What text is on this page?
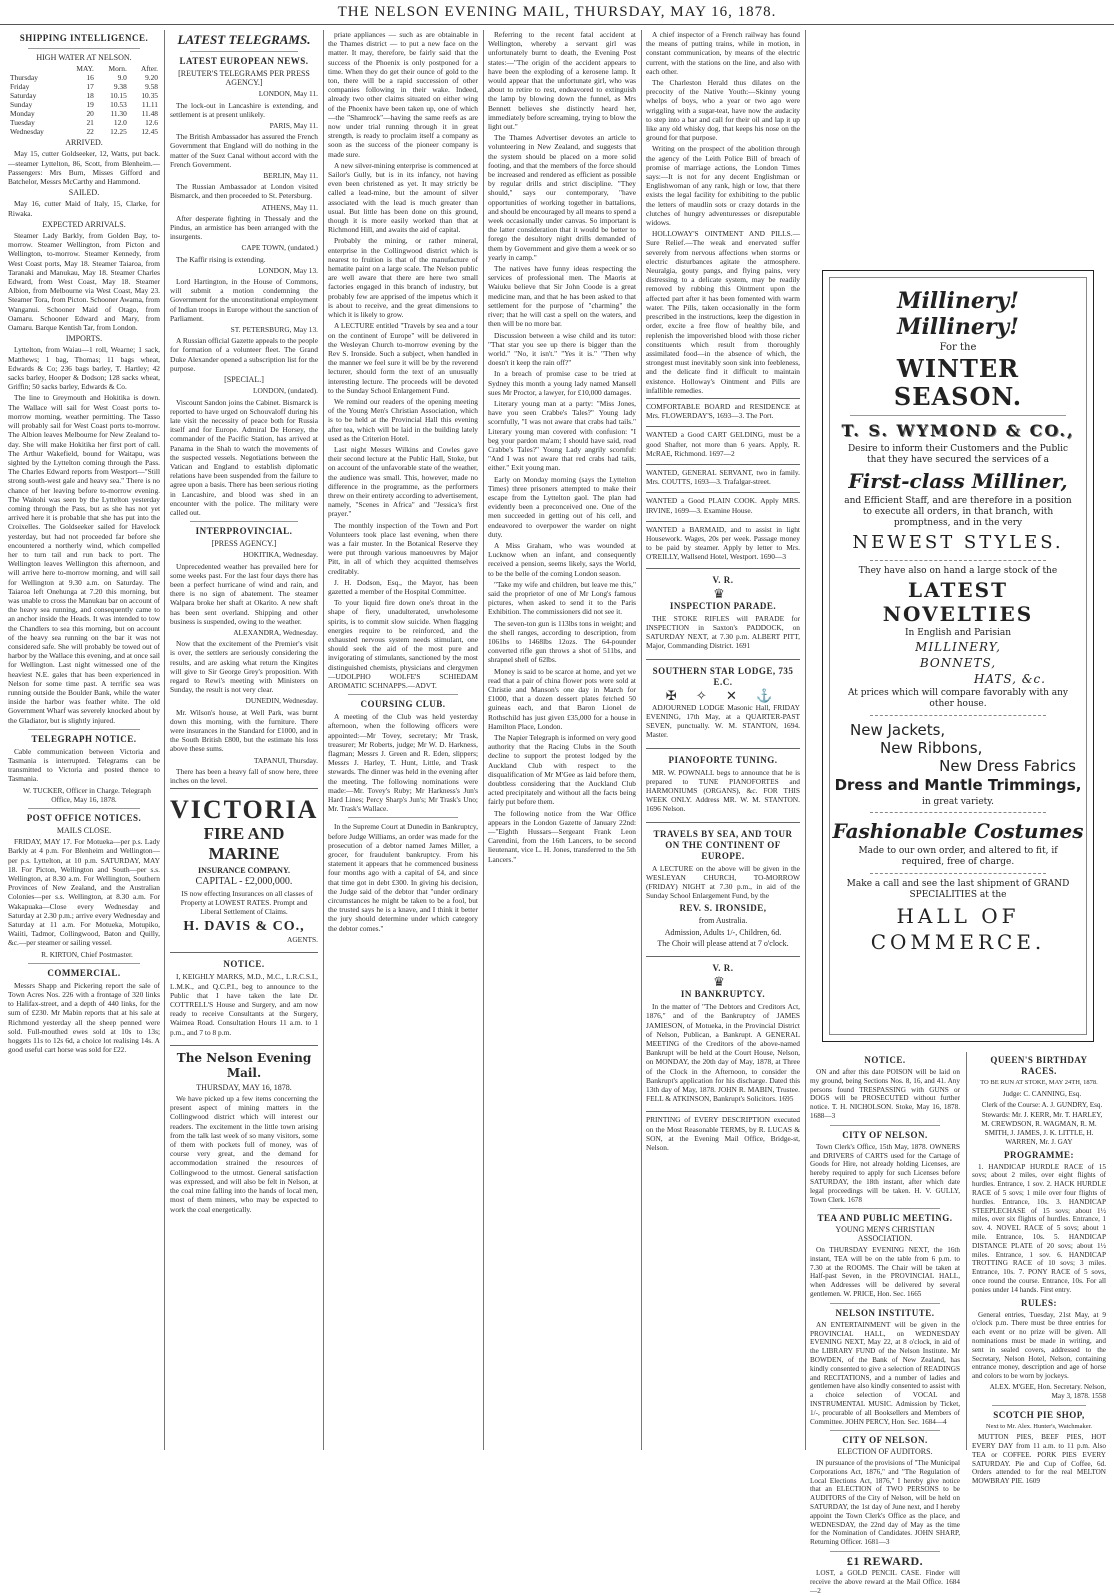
THE NELSON EVENING MAIL, THURSDAY, MAY 16, 1878.
SHIPPING INTELLIGENCE.
HIGH WATER AT NELSON.
	MAY.	Morn.	After.
Thursday	16	9.0	9.20
Friday	17	9.38	9.58
Saturday	18	10.15	10.35
Sunday	19	10.53	11.11
Monday	20	11.30	11.48
Tuesday	21	12.0	12.6
Wednesday	22	12.25	12.45
ARRIVED.
May 15, cutter Goldseeker, 12, Watts, put back. —steamer Lyttelton, 86, Scott, from Blenheim.—Passengers: Mrs Burn, Misses Gifford and Batchelor, Messrs McCarthy and Hammond.
SAILED.
May 16, cutter Maid of Italy, 15, Clarke, for Riwaka.
EXPECTED ARRIVALS.
Steamer Lady Barkly, from Golden Bay, to-morrow. Steamer Wellington, from Picton and Wellington, to-morrow. Steamer Kennedy, from West Coast ports, May 18. Steamer Taiaroa, from Taranaki and Manukau, May 18. Steamer Charles Edward, from West Coast, May 18. Steamer Albion, from Melbourne via West Coast, May 23. Steamer Tora, from Picton. Schooner Awama, from Wanganui. Schooner Maid of Otago, from Oamaru. Schooner Edward and Mary, from Oamaru. Barque Kentish Tar, from London.
IMPORTS.
Lyttelton, from Waiau—1 roll, Wearne; 1 sack, Matthews; 1 bag, Thomas; 11 bags wheat, Edwards & Co; 236 bags barley, T. Hartley; 42 sacks barley, Hooper & Dodson; 128 sacks wheat, Griffin; 50 sacks barley, Edwards & Co.
The line to Greymouth and Hokitika is down. The Wallace will sail for West Coast ports to-morrow morning, weather permitting. The Tasso will probably sail for West Coast ports to-morrow. The Albion leaves Melbourne for New Zealand to-day. She will make Hokitika her first port of call. The Arthur Wakefield, bound for Waitapu, was sighted by the Lyttelton coming through the Pass. The Charles Edward reports from Westport—"Still strong south-west gale and heavy sea." There is no chance of her leaving before to-morrow evening. The Waitohi was seen by the Lyttelton yesterday coming through the Pass, but as she has not yet arrived here it is probable that she has put into the Croixelles. The Goldseeker sailed for Havelock yesterday, but had not proceeded far before she encountered a northerly wind, which compelled her to turn tail and run back to port. The Wellington leaves Wellington this afternoon, and will arrive here to-morrow morning, and will sail for Wellington at 9.30 a.m. on Saturday. The Taiaroa left Onehunga at 7.20 this morning, but was unable to cross the Manukau bar on account of the heavy sea running, and consequently came to an anchor inside the Heads. It was intended to tow the Chandlers to sea this morning, but on account of the heavy sea running on the bar it was not considered safe. She will probably be towed out of harbor by the Wallace this evening, and at once sail for Wellington. Last night witnessed one of the heaviest N.E. gales that has been experienced in Nelson for some time past. A terrific sea was running outside the Boulder Bank, while the water inside the harbor was feather white. The old Government Wharf was severely knocked about by the Gladiator, but is slightly injured.
TELEGRAPH NOTICE.
Cable communication between Victoria and Tasmania is interrupted. Telegrams can be transmitted to Victoria and posted thence to Tasmania.
W. TUCKER, Officer in Charge. Telegraph Office, May 16, 1878.
POST OFFICE NOTICES.
MAILS CLOSE.
FRIDAY, MAY 17. For Motueka—per p.s. Lady Barkly at 4 p.m. For Blenheim and Wellington—per p.s. Lyttelton, at 10 p.m. SATURDAY, MAY 18. For Picton, Wellington and South—per s.s. Wellington, at 8.30 a.m. For Wellington, Southern Provinces of New Zealand, and the Australian Colonies—per s.s. Wellington, at 8.30 a.m. For Wakapuaka—Close every Wednesday and Saturday at 2.30 p.m.; arrive every Wednesday and Saturday at 11 a.m. For Motueka, Motupiko, Waiiti, Tadmor, Collingwood, Baton and Quilly, &c.—per steamer or sailing vessel.
R. KIRTON, Chief Postmaster.
COMMERCIAL.
Messrs Shapp and Pickering report the sale of Town Acres Nos. 226 with a frontage of 320 links to Halifax-street, and a depth of 440 links, for the sum of £230. Mr Mabin reports that at his sale at Richmond yesterday all the sheep penned were sold. Full-mouthed ewes sold at 10s to 13s; hoggets 11s to 12s 6d, a choice lot realising 14s. A good useful cart horse was sold for £22.
LATEST TELEGRAMS.
LATEST EUROPEAN NEWS.
[REUTER'S TELEGRAMS PER PRESS AGENCY.]
LONDON, May 11.
The lock-out in Lancashire is extending, and settlement is at present unlikely.
PARIS, May 11.
The British Ambassador has assured the French Government that England will do nothing in the matter of the Suez Canal without accord with the French Government.
BERLIN, May 11.
The Russian Ambassador at London visited Bismarck, and then proceeded to St. Petersburg.
ATHENS, May 11.
After desperate fighting in Thessaly and the Pindus, an armistice has been arranged with the insurgents.
CAPE TOWN, (undated.)
The Kaffir rising is extending.
LONDON, May 13.
Lord Hartington, in the House of Commons, will submit a motion condemning the Government for the unconstitutional employment of Indian troops in Europe without the sanction of Parliament.
ST. PETERSBURG, May 13.
A Russian official Gazette appeals to the people for formation of a volunteer fleet. The Grand Duke Alexander opened a subscription list for the purpose.
[SPECIAL.]
LONDON, (undated).
Viscount Sandon joins the Cabinet. Bismarck is reported to have urged on Schouvaloff during his late visit the necessity of peace both for Russia itself and for Europe. Admiral De Horsey, the commander of the Pacific Station, has arrived at Panama in the Shah to watch the movements of the suspected vessels. Negotiations between the Vatican and England to establish diplomatic relations have been suspended from the failure to agree upon a basis. There has been serious rioting in Lancashire, and blood was shed in an encounter with the police. The military were called out.
INTERPROVINCIAL.
[PRESS AGENCY.]
HOKITIKA, Wednesday.
Unprecedented weather has prevailed here for some weeks past. For the last four days there has been a perfect hurricane of wind and rain, and there is no sign of abatement. The steamer Walpara broke her shaft at Okarito. A new shaft has been sent overland. Shipping and other business is suspended, owing to the weather.
ALEXANDRA, Wednesday.
Now that the excitement of the Premier's visit is over, the settlers are seriously considering the results, and are asking what return the Kingites will give to Sir George Grey's proposition. With regard to Rewi's meeting with Ministers on Sunday, the result is not very clear.
DUNEDIN, Wednesday.
Mr. Wilson's house, at Well Park, was burnt down this morning, with the furniture. There were insurances in the Standard for £1000, and in the South British £800, but the estimate his loss above these sums.
TAPANUI, Thursday.
There has been a heavy fall of snow here, three inches on the level.
VICTORIA
FIRE AND MARINE
INSURANCE COMPANY.
CAPITAL - £2,000,000.
IS now effecting Insurances on all classes of Property at LOWEST RATES. Prompt and Liberal Settlement of Claims.
H. DAVIS & CO.,
AGENTS.
NOTICE.
I, KEIGHLY MARKS, M.D., M.C., L.R.C.S.I., L.M.K., and Q.C.P.I., beg to announce to the Public that I have taken the late Dr. COTTRELL'S House and Surgery, and am now ready to receive Consultants at the Surgery, Waimea Road. Consultation Hours 11 a.m. to 1 p.m., and 7 to 8 p.m.
The Nelson Evening Mail.
THURSDAY, MAY 16, 1878.
We have picked up a few items concerning the present aspect of mining matters in the Collingwood district which will interest our readers. The excitement in the little town arising from the talk last week of so many visitors, some of them with pockets full of money, was of course very great, and the demand for accommodation strained the resources of Collingwood to the utmost. General satisfaction was expressed, and will also be felt in Nelson, at the coal mine falling into the hands of local men, most of them miners, who may be expected to work the coal energetically.
priate appliances — such as are obtainable in the Thames district — to put a new face on the matter. It may, therefore, be fairly said that the success of the Phoenix is only postponed for a time. When they do get their ounce of gold to the ton, there will be a rapid succession of other companies following in their wake. Indeed, already two other claims situated on either wing of the Phoenix have been taken up, one of which—the "Shamrock"—having the same reefs as are now under trial running through it in great strength, is ready to proclaim itself a company as soon as the success of the pioneer company is made sure.
A new silver-mining enterprise is commenced at Sailor's Gully, but is in its infancy, not having even been christened as yet. It may strictly be called a lead-mine, but the amount of silver associated with the lead is much greater than usual. But little has been done on this ground, though it is more easily worked than that at Richmond Hill, and awaits the aid of capital.
Probably the mining, or rather mineral, enterprise in the Collingwood district which is nearest to fruition is that of the manufacture of hematite paint on a large scale. The Nelson public are well aware that there are here two small factories engaged in this branch of industry, but probably few are apprised of the impetus which it is about to receive, and the great dimensions to which it is likely to grow.
A LECTURE entitled "Travels by sea and a tour on the continent of Europe" will be delivered in the Wesleyan Church to-morrow evening by the Rev S. Ironside. Such a subject, when handled in the manner we feel sure it will be by the reverend lecturer, should form the text of an unusually interesting lecture. The proceeds will be devoted to the Sunday School Enlargement Fund.
We remind our readers of the opening meeting of the Young Men's Christian Association, which is to be held at the Provincial Hall this evening after tea, which will be laid in the building lately used as the Criterion Hotel.
Last night Messrs Wilkins and Cowles gave their second lecture at the Public Hall, Stoke, but on account of the unfavorable state of the weather, the audience was small. This, however, made no difference in the programme, as the performers threw on their entirety according to advertisement, namely, "Scenes in Africa" and "Jessica's first prayer."
The monthly inspection of the Town and Port Volunteers took place last evening, when there was a fair muster. In the Botanical Reserve they were put through various manoeuvres by Major Pitt, in all of which they acquitted themselves creditably.
J. H. Dodson, Esq., the Mayor, has been gazetted a member of the Hospital Committee.
To your liquid fire down one's throat in the shape of fiery, unadulterated, unwholesome spirits, is to commit slow suicide. When flagging energies require to be reinforced, and the exhausted nervous system needs stimulant, one should seek the aid of the most pure and invigorating of stimulants, sanctioned by the most distinguished chemists, physicians and clergymen—UDOLPHO WOLFE'S SCHIEDAM AROMATIC SCHNAPPS.—ADVT.
COURSING CLUB.
A meeting of the Club was held yesterday afternoon, when the following officers were appointed:—Mr Tovey, secretary; Mr Trask, treasurer; Mr Roberts, judge; Mr W. D. Harkness, flagman; Messrs J. Green and R. Eden, slippers; Messrs J. Harley, T. Hunt, Little, and Trask stewards. The dinner was held in the evening after the meeting. The following nominations were made:—Mr. Tovey's Ruby; Mr Harkness's Jun's Hard Lines; Percy Sharp's Jun's; Mr Trask's Uno; Mr. Trask's Wallace.
In the Supreme Court at Dunedin in Bankruptcy, before Judge Williams, an order was made for the prosecution of a debtor named James Miller, a grocer, for fraudulent bankruptcy. From his statement it appears that he commenced business four months ago with a capital of £4, and since that time got in debt £300. In giving his decision, the Judge said of the debtor that "under ordinary circumstances he might be taken to be a fool, but the trusted says he is a knave, and I think it better the jury should determine under which category the debtor comes."
Referring to the recent fatal accident at Wellington, whereby a servant girl was unfortunately burnt to death, the Evening Post states:—"The origin of the accident appears to have been the exploding of a kerosene lamp. It would appear that the unfortunate girl, who was about to retire to rest, endeavored to extinguish the lamp by blowing down the funnel, as Mrs Bennett believes she distinctly heard her, immediately before screaming, trying to blow the light out."
The Thames Advertiser devotes an article to volunteering in New Zealand, and suggests that the system should be placed on a more solid footing, and that the members of the force should be increased and rendered as efficient as possible by regular drills and strict discipline. "They should," says our contemporary, "have opportunities of working together in battalions, and should be encouraged by all means to spend a week occasionally under canvas. So important is the latter consideration that it would be better to forego the desultory night drills demanded of them by Government and give them a week or so yearly in camp."
The natives have funny ideas respecting the services of professional men. The Maoris at Waiuku believe that Sir John Coode is a great medicine man, and that he has been asked to that settlement for the purpose of "charming" the river; that he will cast a spell on the waters, and then will be no more bar.
Discussion between a wise child and its tutor: "That star you see up there is bigger than the world." "No, it isn't." "Yes it is." "Then why doesn't it keep the rain off?"
In a breach of promise case to be tried at Sydney this month a young lady named Mansell sues Mr Proctor, a lawyer, for £10,000 damages.
Literary young man at a party: "Miss Jones, have you seen Crabbe's Tales?" Young lady scornfully, "I was not aware that crabs had tails." Literary young man covered with confusion: "I beg your pardon ma'am; I should have said, read Crabbe's Tales?" Young Lady angrily scornful: "And I was not aware that red crabs had tails, either." Exit young man.
Early on Monday morning (says the Lyttelton Times) three prisoners attempted to make their escape from the Lyttelton gaol. The plan had evidently been a preconceived one. One of the men succeeded in getting out of his cell, and endeavored to overpower the warder on night duty.
A Miss Graham, who was wounded at Lucknow when an infant, and consequently received a pension, seems likely, says the World, to be the belle of the coming London season.
"Take my wife and children, but leave me this," said the proprietor of one of Mr Long's famous pictures, when asked to send it to the Paris Exhibition. The commissioners did not see it.
The seven-ton gun is 113lbs tons in weight; and the shell ranges, according to description, from 1061bs to 1468lbs 12ozs. The 64-pounder converted rifle gun throws a shot of 511bs, and shrapnel shell of 62lbs.
Money is said to be scarce at home, and yet we read that a pair of china flower pots were sold at Christie and Manson's one day in March for £1000, that a dozen dessert plates fetched 50 guineas each, and that Baron Lionel de Rothschild has just given £35,000 for a house in Hamilton Place, London.
The Napier Telegraph is informed on very good authority that the Racing Clubs in the South decline to support the protest lodged by the Auckland Club with respect to the disqualification of Mr M'Gee as laid before them, doubtless considering that the Auckland Club acted precipitately and without all the facts being fairly put before them.
The following notice from the War Office appears in the London Gazette of January 22nd:—"Eighth Hussars—Sergeant Frank Leon Carendini, from the 16th Lancers, to be second lieutenant, vice L. H. Jones, transferred to the 5th Lancers."
A chief inspector of a French railway has found the means of putting trains, while in motion, in constant communication, by means of the electric current, with the stations on the line, and also with each other.
The Charleston Herald thus dilates on the precocity of the Native Youth:—Skinny young whelps of boys, who a year or two ago were wriggling with a sugar-teat, have now the audacity to step into a bar and call for their oil and lap it up like any old whisky dog, that keeps his nose on the ground for that purpose.
Writing on the prospect of the abolition through the agency of the Leith Police Bill of breach of promise of marriage actions, the London Times says:—It is not for any decent Englishman or Englishwoman of any rank, high or low, that there exists the legal facility for exhibiting to the public the letters of maudlin sots or crazy dotards in the clutches of hungry adventuresses or disreputable widows.
HOLLOWAY'S OINTMENT AND PILLS.—Sure Relief.—The weak and enervated suffer severely from nervous affections when storms or electric disturbances agitate the atmosphere. Neuralgia, gouty pangs, and flying pains, very distressing to a delicate system, may be readily removed by rubbing this Ointment upon the affected part after it has been fomented with warm water. The Pills, taken occasionally in the form prescribed in the instructions, keep the digestion in order, excite a free flow of healthy bile, and replenish the impoverished blood with those richer constituents which result from thoroughly assimilated food—in the absence of which, the strongest must inevitably soon sink into feebleness, and the delicate find it difficult to maintain existence. Holloway's Ointment and Pills are infallible remedies.
COMFORTABLE BOARD and RESIDENCE at Mrs. FLOWERDAY'S, 1693—3. The Port.
WANTED a Good CART GELDING, must be a good Shafter, not more than 6 years. Apply, R. McRAE, Richmond. 1697—2
WANTED, GENERAL SERVANT, two in family. Mrs. COUTTS, 1693—3. Trafalgar-street.
WANTED a Good PLAIN COOK. Apply MRS. IRVINE, 1699—3. Examine House.
WANTED a BARMAID, and to assist in light Housework. Wages, 20s per week. Passage money to be paid by steamer. Apply by letter to Mrs. O'REILLY, Wallsend Hotel, Westport. 1690—3
V. R.
♛
INSPECTION PARADE.
THE STOKE RIFLES will PARADE for INSPECTION in Saxton's PADDOCK, on SATURDAY NEXT, at 7.30 p.m. ALBERT PITT, Major, Commanding District. 1691
SOUTHERN STAR LODGE, 735 E.C.
✠ ✧ ✕ ⚓
ADJOURNED LODGE Masonic Hall, FRIDAY EVENING, 17th May, at a QUARTER-PAST SEVEN, punctually. W. M. STANTON, 1694. Master.
PIANOFORTE TUNING.
MR. W. POWNALL begs to announce that he is prepared to TUNE PIANOFORTES and HARMONIUMS (ORGANS), &c. FOR THIS WEEK ONLY. Address MR. W. M. STANTON. 1696 Nelson.
TRAVELS BY SEA, AND TOUR ON THE CONTINENT OF EUROPE.
A LECTURE on the above will be given in the WESLEYAN CHURCH, TO-MORROW (FRIDAY) NIGHT at 7.30 p.m., in aid of the Sunday School Enlargement Fund, by the
REV. S. IRONSIDE,
from Australia.
Admission, Adults 1/-, Children, 6d.
The Choir will please attend at 7 o'clock.
V. R.
♛
IN BANKRUPTCY.
In the matter of "The Debtors and Creditors Act, 1876," and of the Bankruptcy of JAMES JAMIESON, of Motueka, in the Provincial District of Nelson, Publican, a Bankrupt. A GENERAL MEETING of the Creditors of the above-named Bankrupt will be held at the Court House, Nelson, on MONDAY, the 20th day of May, 1878, at Three of the Clock in the Afternoon, to consider the Bankrupt's application for his discharge. Dated this 13th day of May, 1878. JOHN R. MABIN, Trustee. FELL & ATKINSON, Bankrupt's Solicitors. 1695
PRINTING of EVERY DESCRIPTION executed on the Most Reasonable TERMS, by R. LUCAS & SON, at the Evening Mail Office, Bridge-st, Nelson.
Millinery!
Millinery!
For the
WINTER SEASON.
T. S. WYMOND & CO.,
Desire to inform their Customers and the Public that they have secured the services of a
First-class Milliner,
and Efficient Staff, and are therefore in a position to execute all orders, in that branch, with promptness, and in the very
NEWEST STYLES.
They have also on hand a large stock of the
LATEST NOVELTIES
In English and Parisian
MILLINERY,
BONNETS,
HATS, &c.
At prices which will compare favorably with any other house.
New Jackets,
New Ribbons,
New Dress Fabrics
Dress and Mantle Trimmings,
in great variety.
Fashionable Costumes
Made to our own order, and altered to fit, if required, free of charge.
Make a call and see the last shipment of GRAND SPECIALITIES at the
HALL OF COMMERCE.
NOTICE.
ON and after this date POISON will be laid on my ground, being Sections Nos. 8, 16, and 41. Any persons found TRESPASSING with GUNS or DOGS will be PROSECUTED without further notice. T. H. NICHOLSON. Stoke, May 16, 1878. 1688—3
CITY OF NELSON.
Town Clerk's Office, 15th May, 1878. OWNERS and DRIVERS of CARTS used for the Cartage of Goods for Hire, not already holding Licenses, are hereby required to apply for such Licenses before SATURDAY, the 18th instant, after which date legal proceedings will be taken. H. V. GULLY, Town Clerk. 1678
TEA AND PUBLIC MEETING.
YOUNG MEN'S CHRISTIAN ASSOCIATION.
On THURSDAY EVENING NEXT, the 16th instant, TEA will be on the table from 6 p.m. to 7.30 at the ROOMS. The Chair will be taken at Half-past Seven, in the PROVINCIAL HALL, when Addresses will be delivered by several gentlemen. W. PRICE, Hon. Sec. 1665
NELSON INSTITUTE.
AN ENTERTAINMENT will be given in the PROVINCIAL HALL, on WEDNESDAY EVENING NEXT, May 22, at 8 o'clock, in aid of the LIBRARY FUND of the Nelson Institute. Mr BOWDEN, of the Bank of New Zealand, has kindly consented to give a selection of READINGS and RECITATIONS, and a number of ladies and gentlemen have also kindly consented to assist with a choice selection of VOCAL and INSTRUMENTAL MUSIC. Admission by Ticket, 1/-, procurable of all Booksellers and Members of Committee. JOHN PERCY, Hon. Sec. 1684—4
CITY OF NELSON.
ELECTION OF AUDITORS.
IN pursuance of the provisions of "The Municipal Corporations Act, 1876," and "The Regulation of Local Elections Act, 1876," I hereby give notice that an ELECTION of TWO PERSONS to be AUDITORS of the City of Nelson, will be held on SATURDAY, the 1st day of June next, and I hereby appoint the Town Clerk's Office as the place, and WEDNESDAY, the 22nd day of May as the time for the Nomination of Candidates. JOHN SHARP, Returning Officer. 1681—3
£1 REWARD.
LOST, a GOLD PENCIL CASE. Finder will receive the above reward at the Mail Office. 1684—2
QUEEN'S BIRTHDAY RACES.
TO BE RUN AT STOKE, MAY 24TH, 1878.
Judge: C. CANNING, Esq.
Clerk of the Course: A. J. GUNDRY, Esq.
Stewards: Mr. J. KERR, Mr. T. HARLEY, M. CREWDSON, R. WAGMAN, R. M. SMITH, J. JAMES, J. K. LITTLE, H. WARREN, Mr. J. GAY
PROGRAMME:
1. HANDICAP HURDLE RACE of 15 sovs; about 2 miles, over eight flights of hurdles. Entrance, 1 sov. 2. HACK HURDLE RACE of 5 sovs; 1 mile over four flights of hurdles. Entrance, 10s. 3. HANDICAP STEEPLECHASE of 15 sovs; about 1½ miles, over six flights of hurdles. Entrance, 1 sov. 4. NOVEL RACE of 5 sovs; about 1 mile. Entrance, 10s. 5. HANDICAP DISTANCE PLATE of 20 sovs; about 1½ miles. Entrance, 1 sov. 6. HANDICAP TROTTING RACE of 10 sovs; 3 miles. Entrance, 10s. 7. PONY RACE of 5 sovs, once round the course. Entrance, 10s. For all ponies under 14 hands. First entry.
RULES:
General entries, Tuesday, 21st May, at 9 o'clock p.m. There must be three entries for each event or no prize will be given. All nominations must be made in writing, and sent in sealed covers, addressed to the Secretary, Nelson Hotel, Nelson, containing entrance money, description and age of horse and colors to be worn by jockeys.
ALEX. M'GEE, Hon. Secretary. Nelson, May 3, 1878. 1558
SCOTCH PIE SHOP,
Next to Mr. Alex. Hunter's, Watchmaker.
MUTTON PIES, BEEF PIES, HOT EVERY DAY from 11 a.m. to 11 p.m. Also TEA or COFFEE. PORK PIES EVERY SATURDAY. Pie and Cup of Coffee, 6d. Orders attended to for the real MELTON MOWBRAY PIE. 1609
